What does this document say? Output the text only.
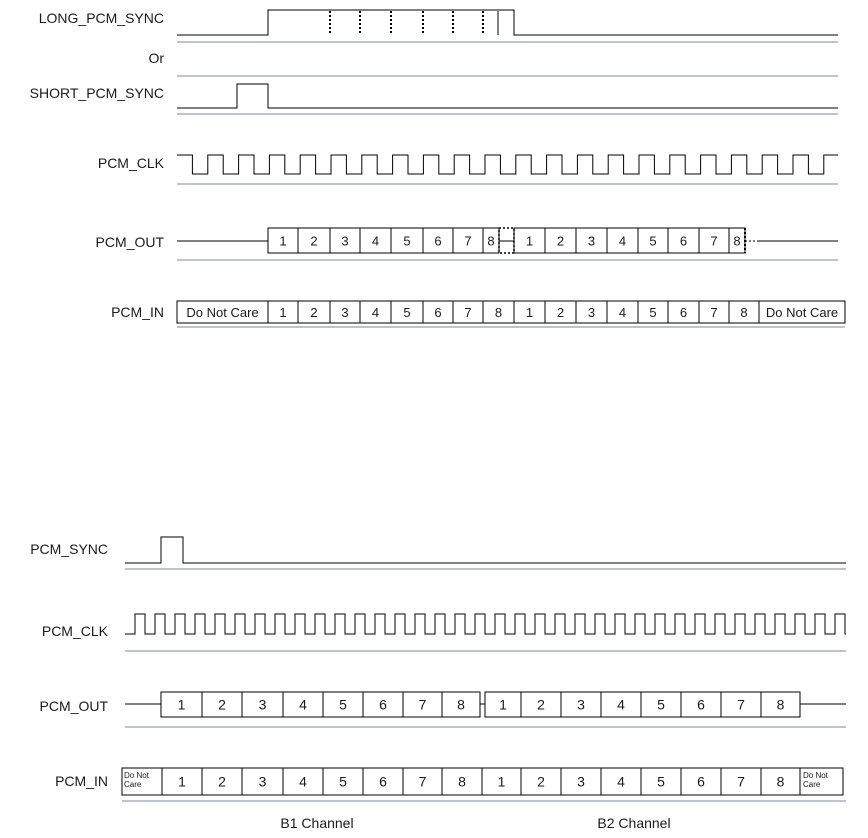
LONG_PCM_SYNC
Or
SHORT_PCM_SYNC
PCM_CLK
PCM_OUT	1 2 3 4 5 6 7 8 1 2 3 4 5 6 7 8
PCM_IN Do Not Care 1 2 3 4 5 6 7 8 1 2 3 4 5 6 7 8 Do Not Care
PCM_SYNC
PCM_CLK
PCM_OUT	1 2 3 4 5 6 7 8 1 2 3 4 5 6 7 8
PCM_IN Do Not
Care	1 2 3 4 5 6 7 8 1 2 3 4 5 6 7 8 Do Not
Care
B1 Channel	B2 Channel
